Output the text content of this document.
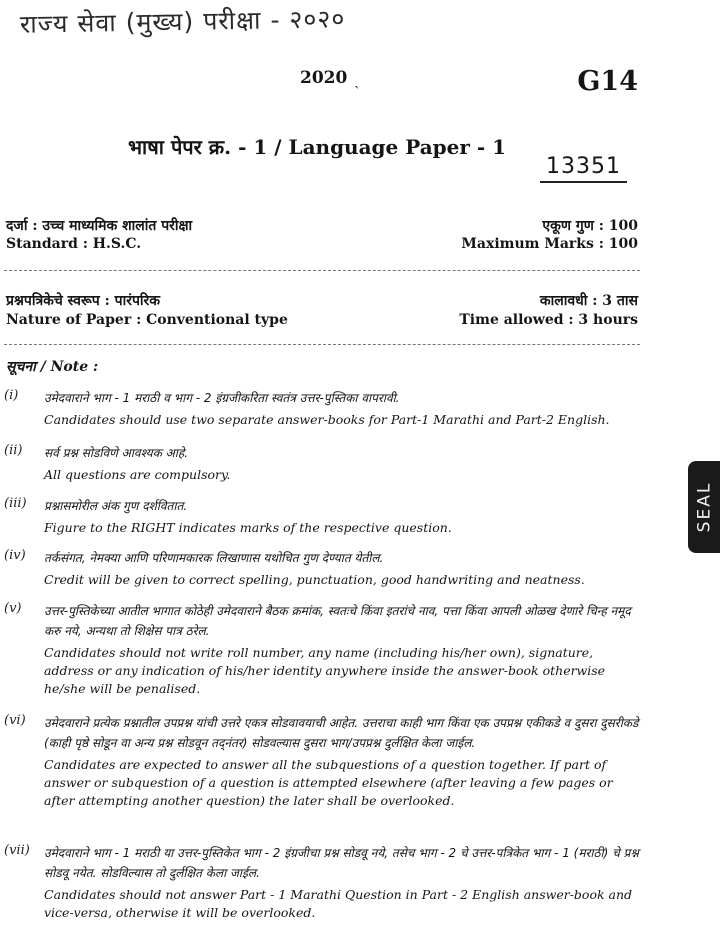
राज्य सेवा (मुख्य) परीक्षा - २०२०
2020 ˏ	G14
भाषा पेपर क्र. - 1 / Language Paper - 1
13351
दर्जा : उच्च माध्यमिक शालांत परीक्षा
Standard : H.S.C.
एकूण गुण : 100
Maximum Marks : 100
प्रश्नपत्रिकेचे स्वरूप : पारंपरिक
Nature of Paper : Conventional type
कालावधी : 3 तास
Time allowed : 3 hours
सूचना / Note :
(i)	उमेदवाराने भाग - 1 मराठी व भाग - 2 इंग्रजीकरिता स्वतंत्र उत्तर-पुस्तिका वापरावी.
Candidates should use two separate answer-books for Part-1 Marathi and Part-2 English.
(ii)	सर्व प्रश्न सोडविणे आवश्यक आहे.
All questions are compulsory.
(iii)	प्रश्नासमोरील अंक गुण दर्शवितात.
Figure to the RIGHT indicates marks of the respective question.
(iv)	तर्कसंगत, नेमक्या आणि परिणामकारक लिखाणास यथोचित गुण देण्यात येतील.
Credit will be given to correct spelling, punctuation, good handwriting and neatness.
(v)	उत्तर-पुस्तिकेच्या आतील भागात कोठेही उमेदवाराने बैठक क्रमांक, स्वतःचे किंवा इतरांचे नाव, पत्ता किंवा आपली ओळख देणारे चिन्ह नमूद करु नये, अन्यथा तो शिक्षेस पात्र ठरेल.
Candidates should not write roll number, any name (including his/her own), signature, address or any indication of his/her identity anywhere inside the answer-book otherwise he/she will be penalised.
(vi)	उमेदवाराने प्रत्येक प्रश्नातील उपप्रश्न यांची उत्तरे एकत्र सोडवावयाची आहेत. उत्तराचा काही भाग किंवा एक उपप्रश्न एकीकडे व दुसरा दुसरीकडे (काही पृष्ठे सोडून वा अन्य प्रश्न सोडवून तद्नंतर) सोडवल्यास दुसरा भाग/उपप्रश्न दुर्लक्षित केला जाईल.
Candidates are expected to answer all the subquestions of a question together. If part of answer or subquestion of a question is attempted elsewhere (after leaving a few pages or after attempting another question) the later shall be overlooked.
(vii)	उमेदवाराने भाग - 1 मराठी या उत्तर-पुस्तिकेत भाग - 2 इंग्रजीचा प्रश्न सोडवू नये, तसेच भाग - 2 चे उत्तर-पत्रिकेत भाग - 1 (मराठी) चे प्रश्न सोडवू नयेत. सोडविल्यास तो दुर्लक्षित केला जाईल.
Candidates should not answer Part - 1 Marathi Question in Part - 2 English answer-book and vice-versa, otherwise it will be overlooked.
SEAL
